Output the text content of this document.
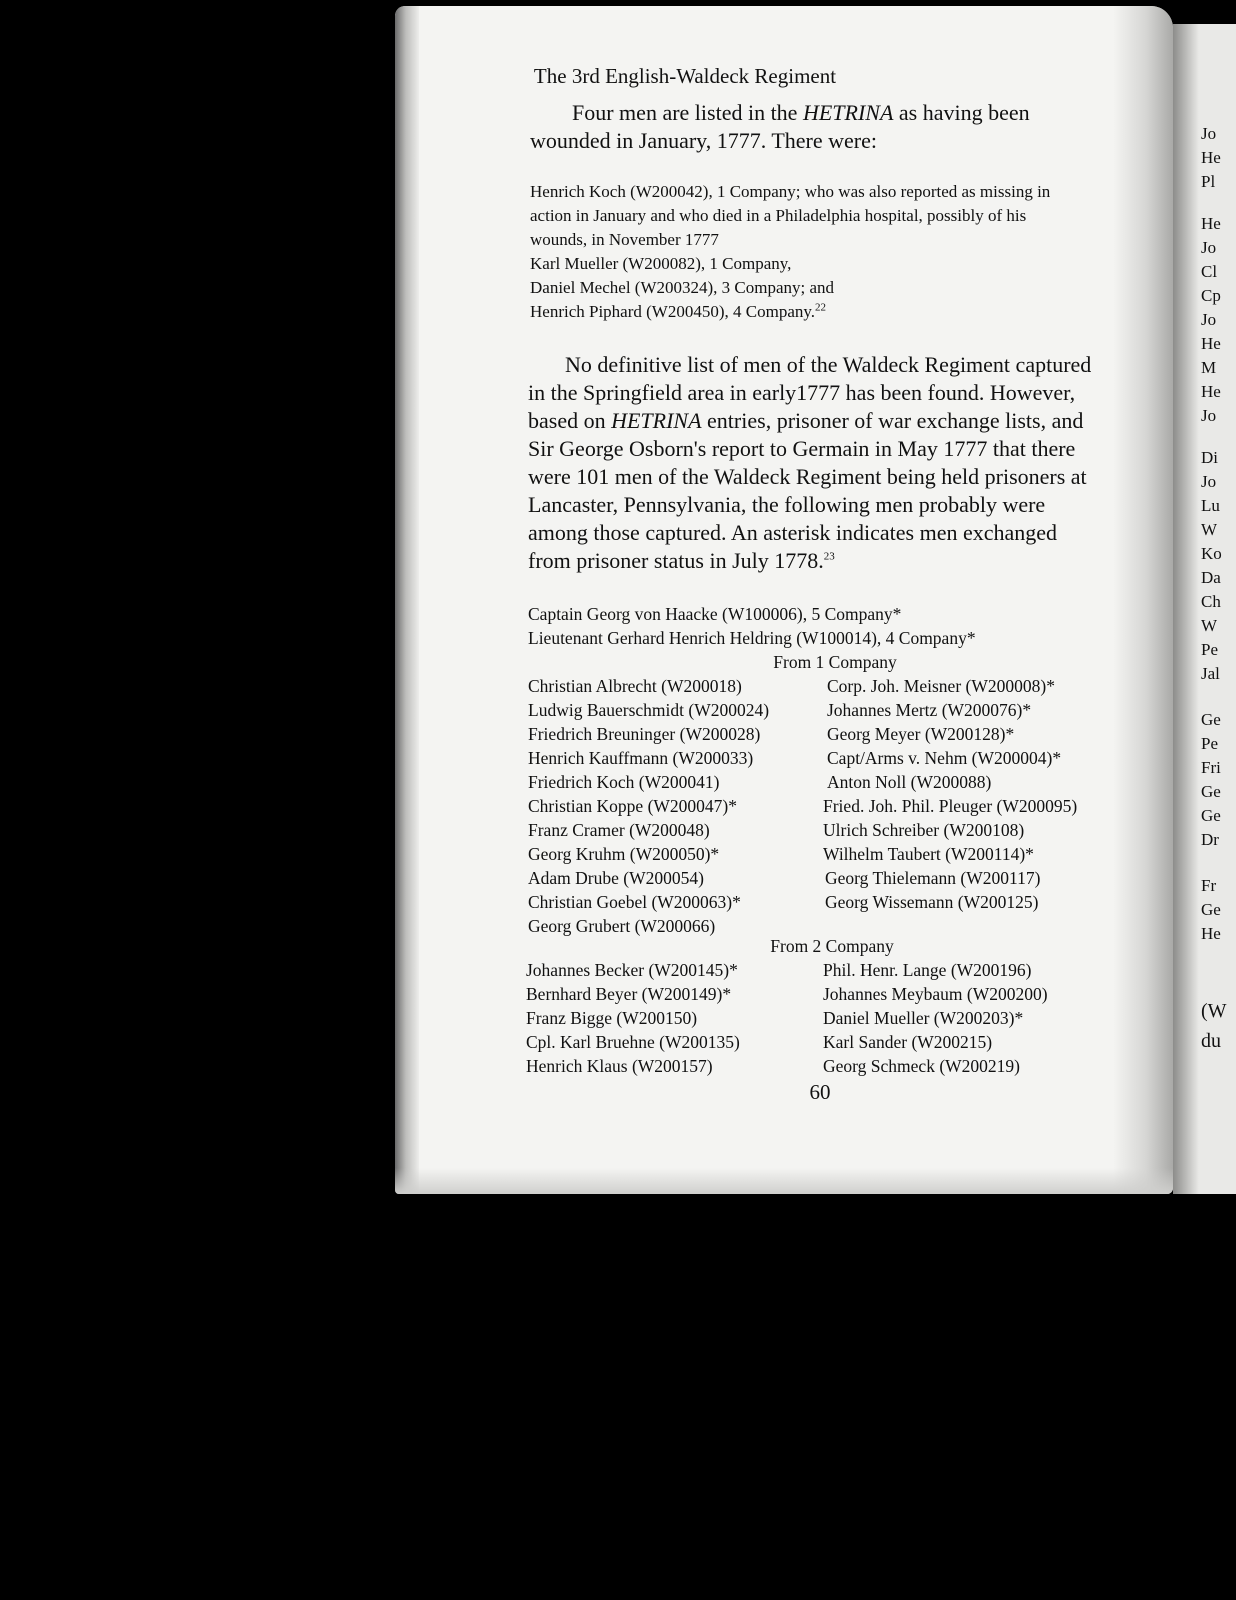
Jo
He
Pl
He
Jo
Cl
Cp
Jo
He
M
He
Jo
Di
Jo
Lu
W
Ko
Da
Ch
W
Pe
Jal
Ge
Pe
Fri
Ge
Ge
Dr
Fr
Ge
He
(W
du
The 3rd English-Waldeck Regiment
Four men are listed in the HETRINA as having been
wounded in January, 1777. There were:
Henrich Koch (W200042), 1 Company; who was also reported as missing in
action in January and who died in a Philadelphia hospital, possibly of his
wounds, in November 1777
Karl Mueller (W200082), 1 Company,
Daniel Mechel (W200324), 3 Company; and
Henrich Piphard (W200450), 4 Company.$^{22}$
No definitive list of men of the Waldeck Regiment captured
in the Springfield area in early1777 has been found. However,
based on HETRINA entries, prisoner of war exchange lists, and
Sir George Osborn's report to Germain in May 1777 that there
were 101 men of the Waldeck Regiment being held prisoners at
Lancaster, Pennsylvania, the following men probably were
among those captured. An asterisk indicates men exchanged
from prisoner status in July 1778.23
Captain Georg von Haacke (W100006), 5 Company*
Lieutenant Gerhard Henrich Heldring (W100014), 4 Company*
From 1 Company
Christian Albrecht (W200018)
Ludwig Bauerschmidt (W200024)
Friedrich Breuninger (W200028)
Henrich Kauffmann (W200033)
Friedrich Koch (W200041)
Christian Koppe (W200047)*
Franz Cramer (W200048)
Georg Kruhm (W200050)*
Adam Drube (W200054)
Christian Goebel (W200063)*
Georg Grubert (W200066)
Corp. Joh. Meisner (W200008)*
Johannes Mertz (W200076)*
Georg Meyer (W200128)*
Capt/Arms v. Nehm (W200004)*
Anton Noll (W200088)
Fried. Joh. Phil. Pleuger (W200095)
Ulrich Schreiber (W200108)
Wilhelm Taubert (W200114)*
Georg Thielemann (W200117)
Georg Wissemann (W200125)
From 2 Company
Johannes Becker (W200145)*
Bernhard Beyer (W200149)*
Franz Bigge (W200150)
Cpl. Karl Bruehne (W200135)
Henrich Klaus (W200157)
Phil. Henr. Lange (W200196)
Johannes Meybaum (W200200)
Daniel Mueller (W200203)*
Karl Sander (W200215)
Georg Schmeck (W200219)
60
